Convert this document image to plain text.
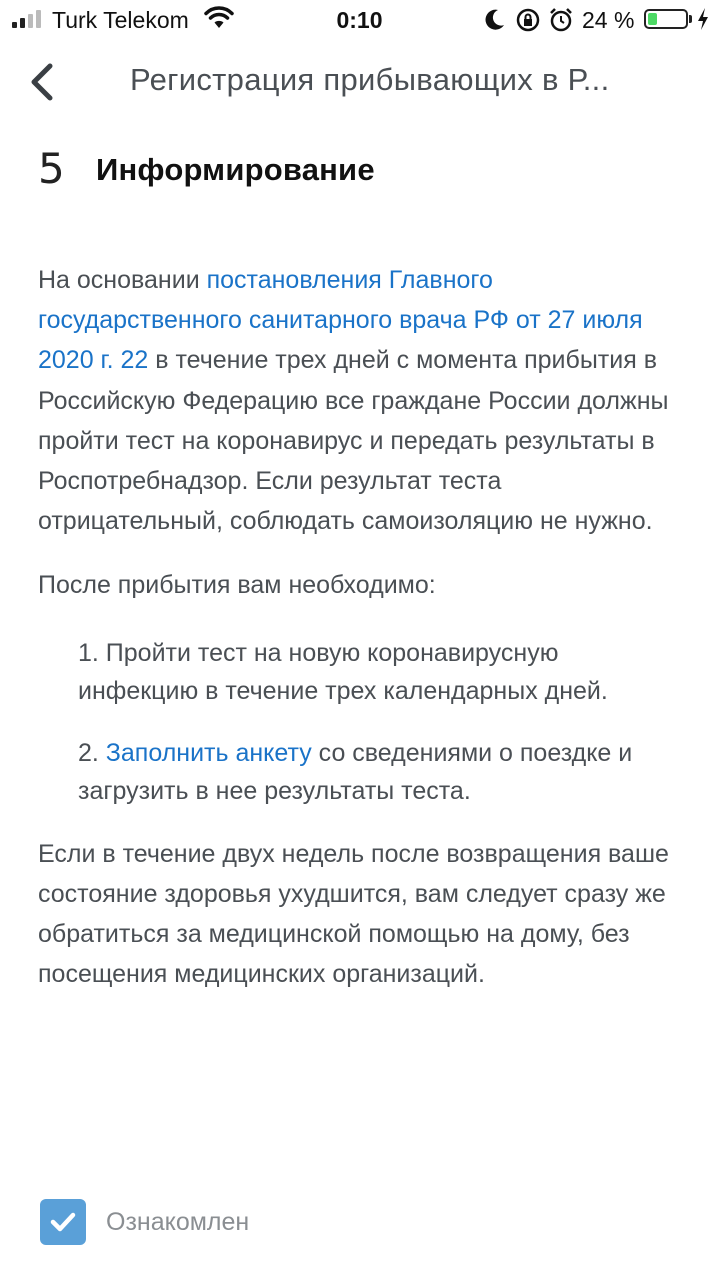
Turk Telekom	0:10	24 %
Регистрация прибывающих в Р...
5 Информирование

На основании постановления Главного государственного санитарного врача РФ от 27 июля 2020 г. 22 в течение трех дней с момента прибытия в Российскую Федерацию все граждане России должны пройти тест на коронавирус и передать результаты в Роспотребнадзор. Если результат теста отрицательный, соблюдать самоизоляцию не нужно.

После прибытия вам необходимо:

1. Пройти тест на новую коронавирусную инфекцию в течение трех календарных дней.
2. Заполнить анкету со сведениями о поездке и загрузить в нее результаты теста.

Если в течение двух недель после возвращения ваше состояние здоровья ухудшится, вам следует сразу же обратиться за медицинской помощью на дому, без посещения медицинских организаций.

Ознакомлен
